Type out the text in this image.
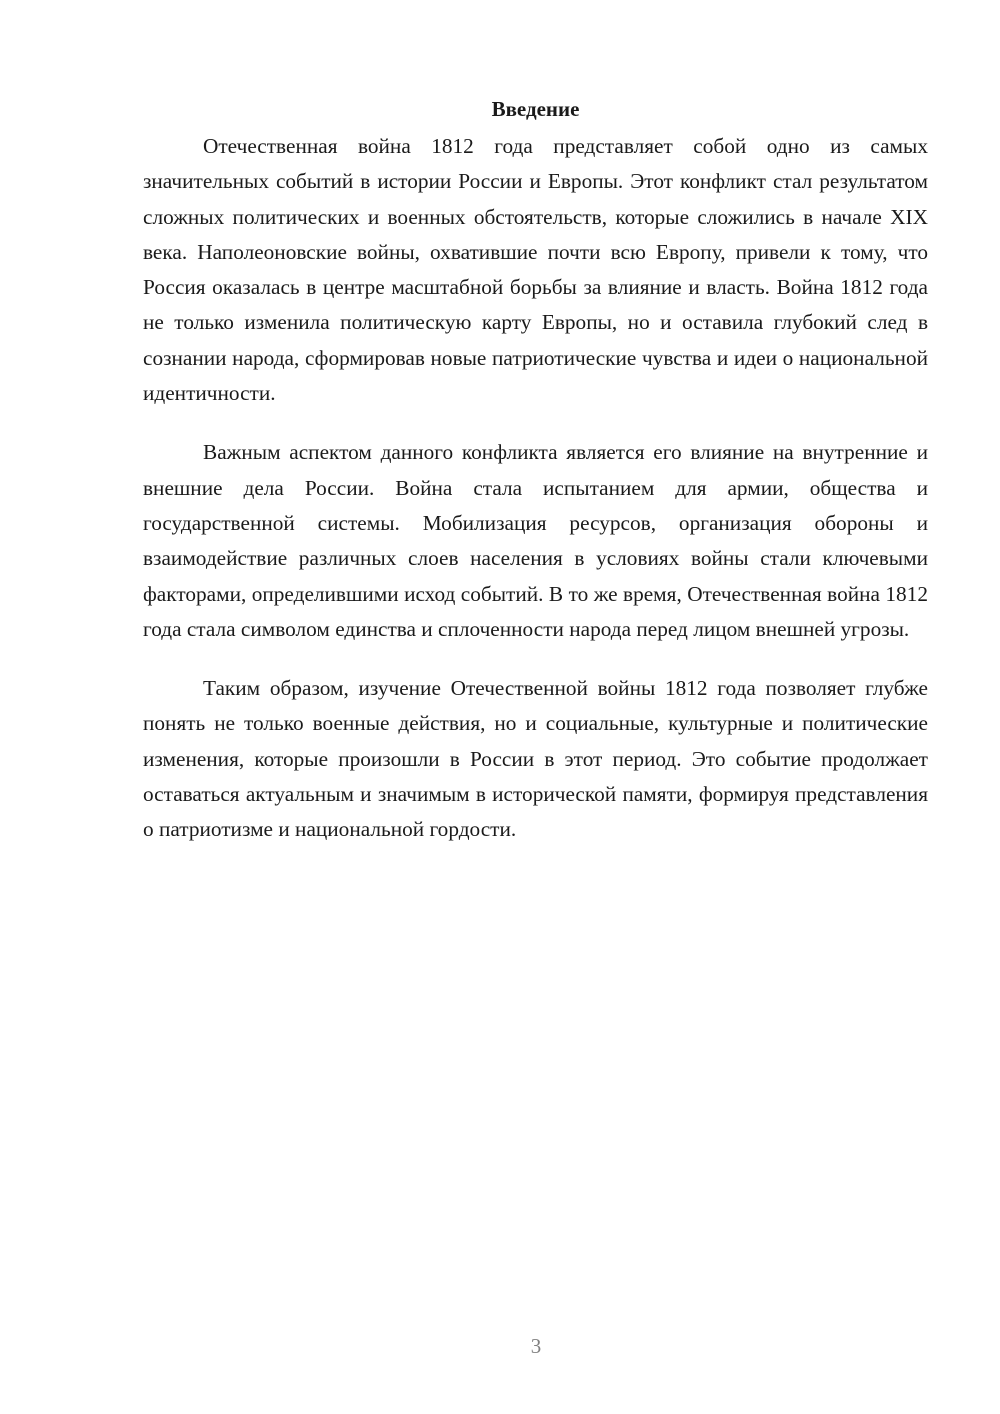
Введение

Отечественная война 1812 года представляет собой одно из самых значительных событий в истории России и Европы. Этот конфликт стал результатом сложных политических и военных обстоятельств, которые сложились в начале XIX века. Наполеоновские войны, охватившие почти всю Европу, привели к тому, что Россия оказалась в центре масштабной борьбы за влияние и власть. Война 1812 года не только изменила политическую карту Европы, но и оставила глубокий след в сознании народа, сформировав новые патриотические чувства и идеи о национальной идентичности.

Важным аспектом данного конфликта является его влияние на внутренние и внешние дела России. Война стала испытанием для армии, общества и государственной системы. Мобилизация ресурсов, организация обороны и взаимодействие различных слоев населения в условиях войны стали ключевыми факторами, определившими исход событий. В то же время, Отечественная война 1812 года стала символом единства и сплоченности народа перед лицом внешней угрозы.

Таким образом, изучение Отечественной войны 1812 года позволяет глубже понять не только военные действия, но и социальные, культурные и политические изменения, которые произошли в России в этот период. Это событие продолжает оставаться актуальным и значимым в исторической памяти, формируя представления о патриотизме и национальной гордости.

3
